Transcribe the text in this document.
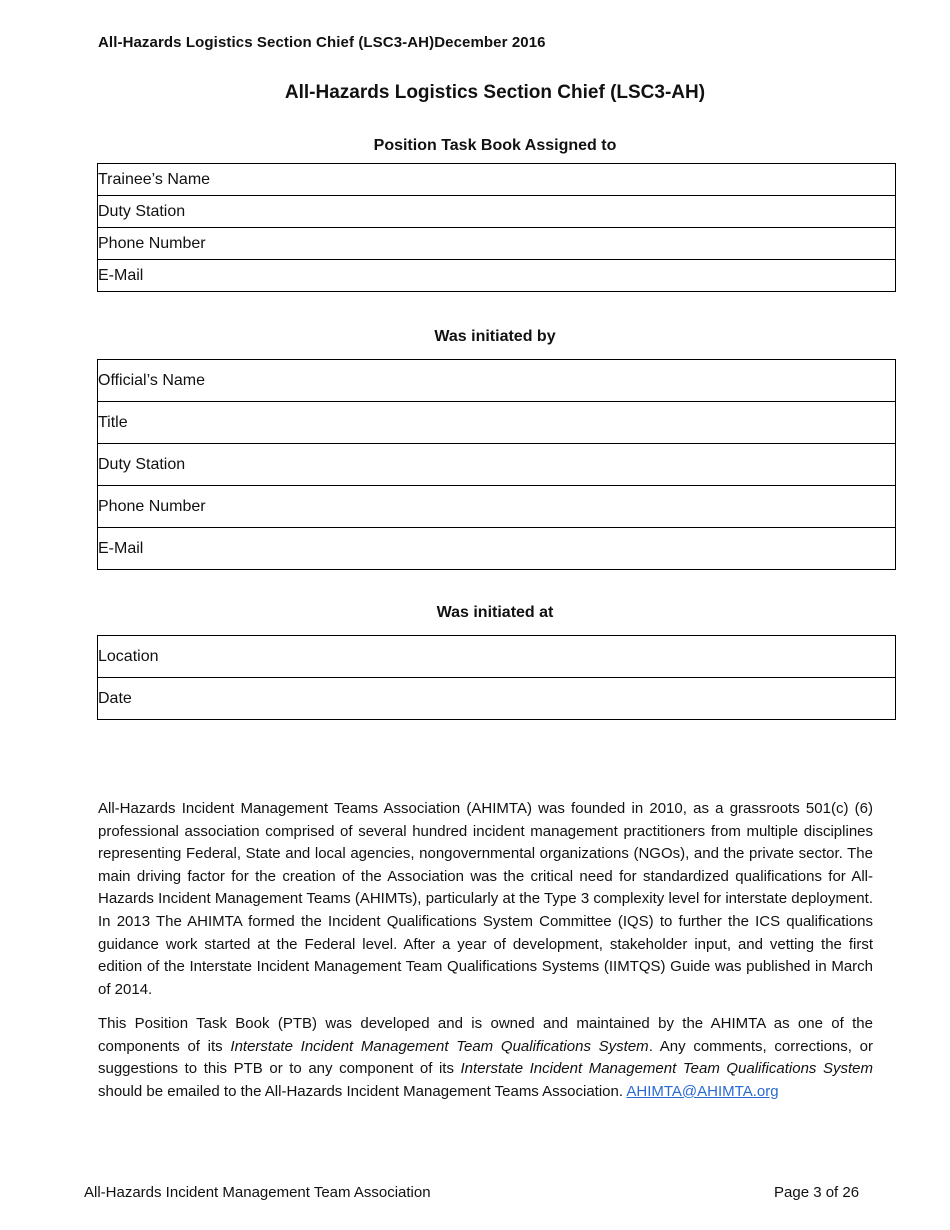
All-Hazards Logistics Section Chief (LSC3-AH)December 2016
All-Hazards Logistics Section Chief (LSC3-AH)
Position Task Book Assigned to
Trainee’s Name
Duty Station
Phone Number
E-Mail
Was initiated by
Official’s Name
Title
Duty Station
Phone Number
E-Mail
Was initiated at
Location
Date

All-Hazards Incident Management Teams Association (AHIMTA) was founded in 2010, as a grassroots 501(c) (6) professional association comprised of several hundred incident management practitioners from multiple disciplines representing Federal, State and local agencies, nongovernmental organizations (NGOs), and the private sector. The main driving factor for the creation of the Association was the critical need for standardized qualifications for All-Hazards Incident Management Teams (AHIMTs), particularly at the Type 3 complexity level for interstate deployment. In 2013 The AHIMTA formed the Incident Qualifications System Committee (IQS) to further the ICS qualifications guidance work started at the Federal level. After a year of development, stakeholder input, and vetting the first edition of the Interstate Incident Management Team Qualifications Systems (IIMTQS) Guide was published in March of 2014.

This Position Task Book (PTB) was developed and is owned and maintained by the AHIMTA as one of the components of its Interstate Incident Management Team Qualifications System. Any comments, corrections, or suggestions to this PTB or to any component of its Interstate Incident Management Team Qualifications System should be emailed to the All-Hazards Incident Management Teams Association. AHIMTA@AHIMTA.org

All-Hazards Incident Management Team Association	Page 3 of 26
